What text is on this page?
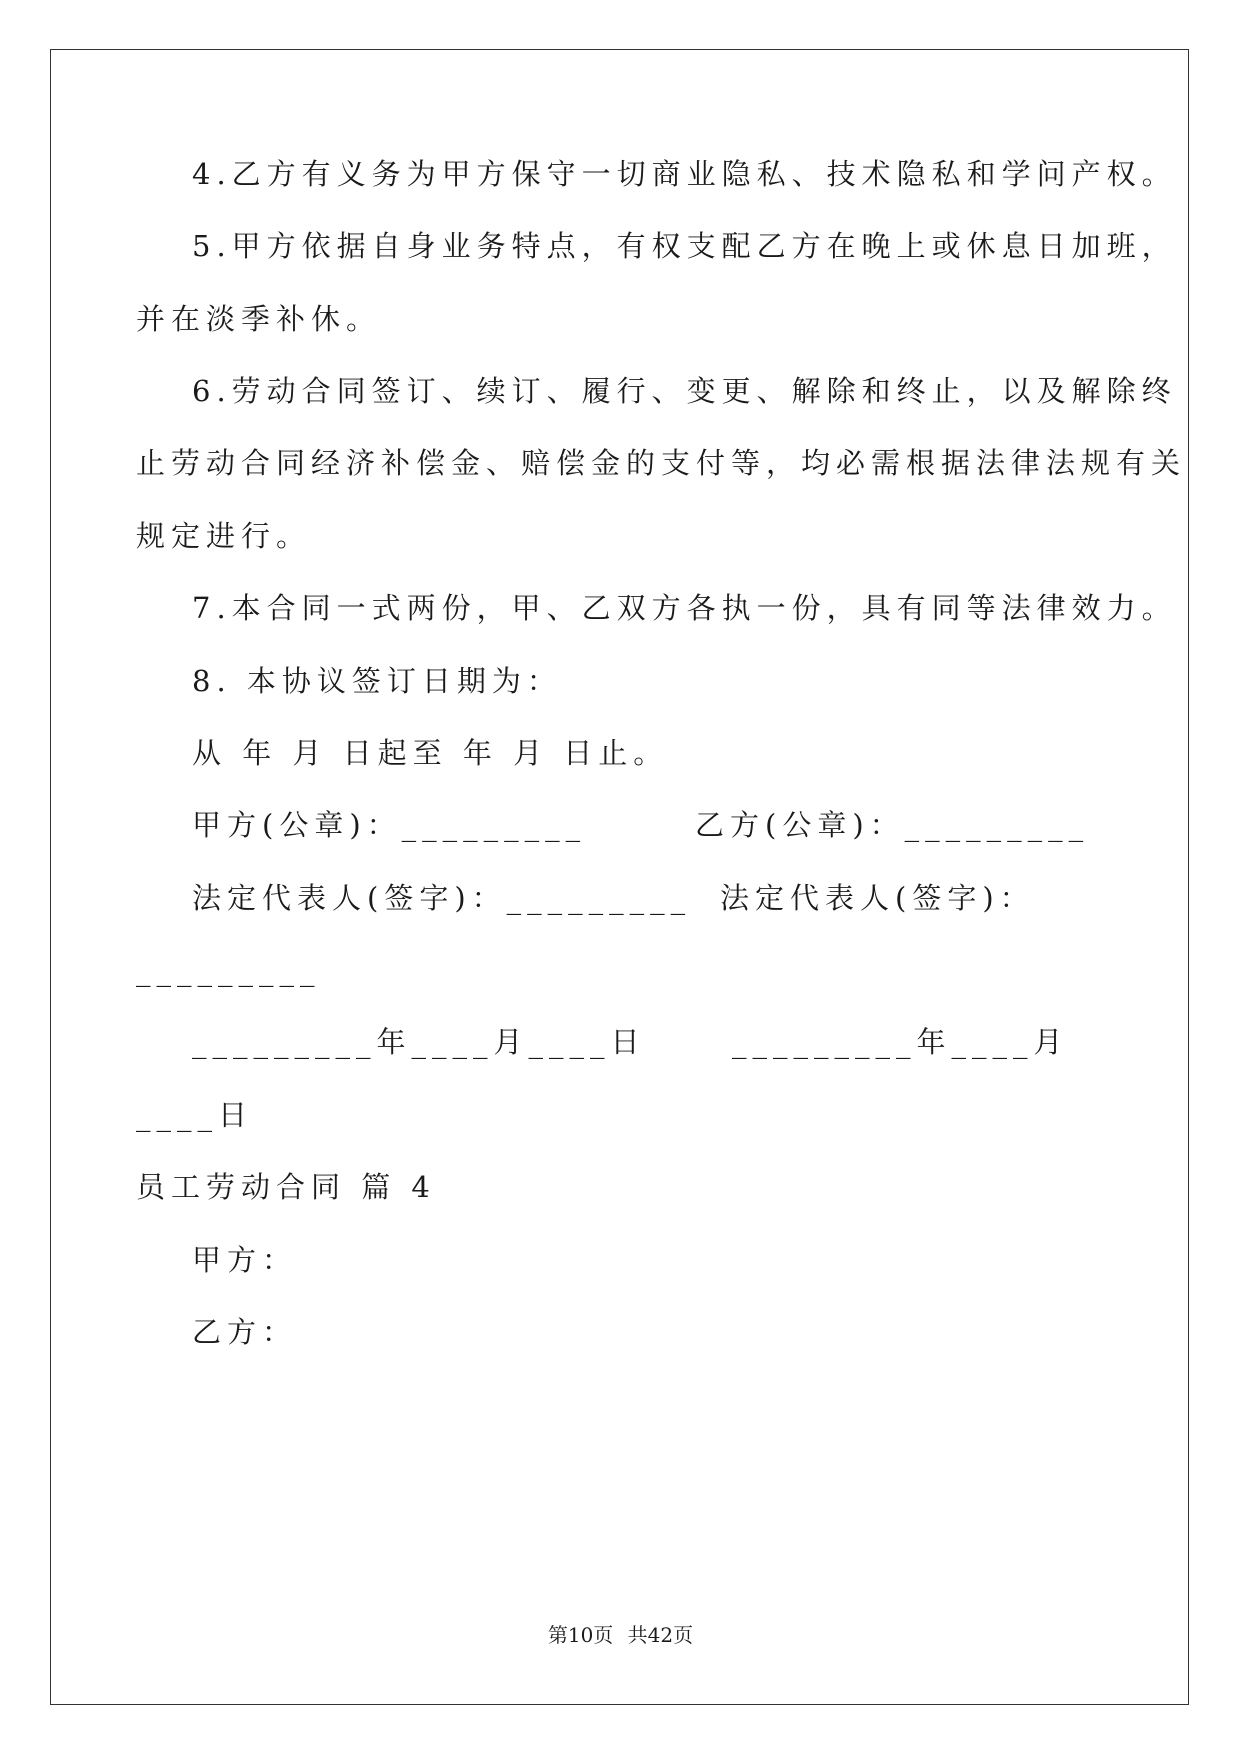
4.乙方有义务为甲方保守一切商业隐私、技术隐私和学问产权。
5.甲方依据自身业务特点，有权支配乙方在晚上或休息日加班，
并在淡季补休。
6.劳动合同签订、续订、履行、变更、解除和终止，以及解除终
止劳动合同经济补偿金、赔偿金的支付等，均必需根据法律法规有关
规定进行。
7.本合同一式两份，甲、乙双方各执一份，具有同等法律效力。
8. 本协议签订日期为：
从 年 月 日起至 年 月 日止。
甲方(公章)：_________	乙方(公章)：_________
法定代表人(签字)：_________ 法定代表人(签字)：
_________
_________年____月____日	_________年____月
____日
员工劳动合同 篇 4
甲方：
乙方：
第10页 共42页
